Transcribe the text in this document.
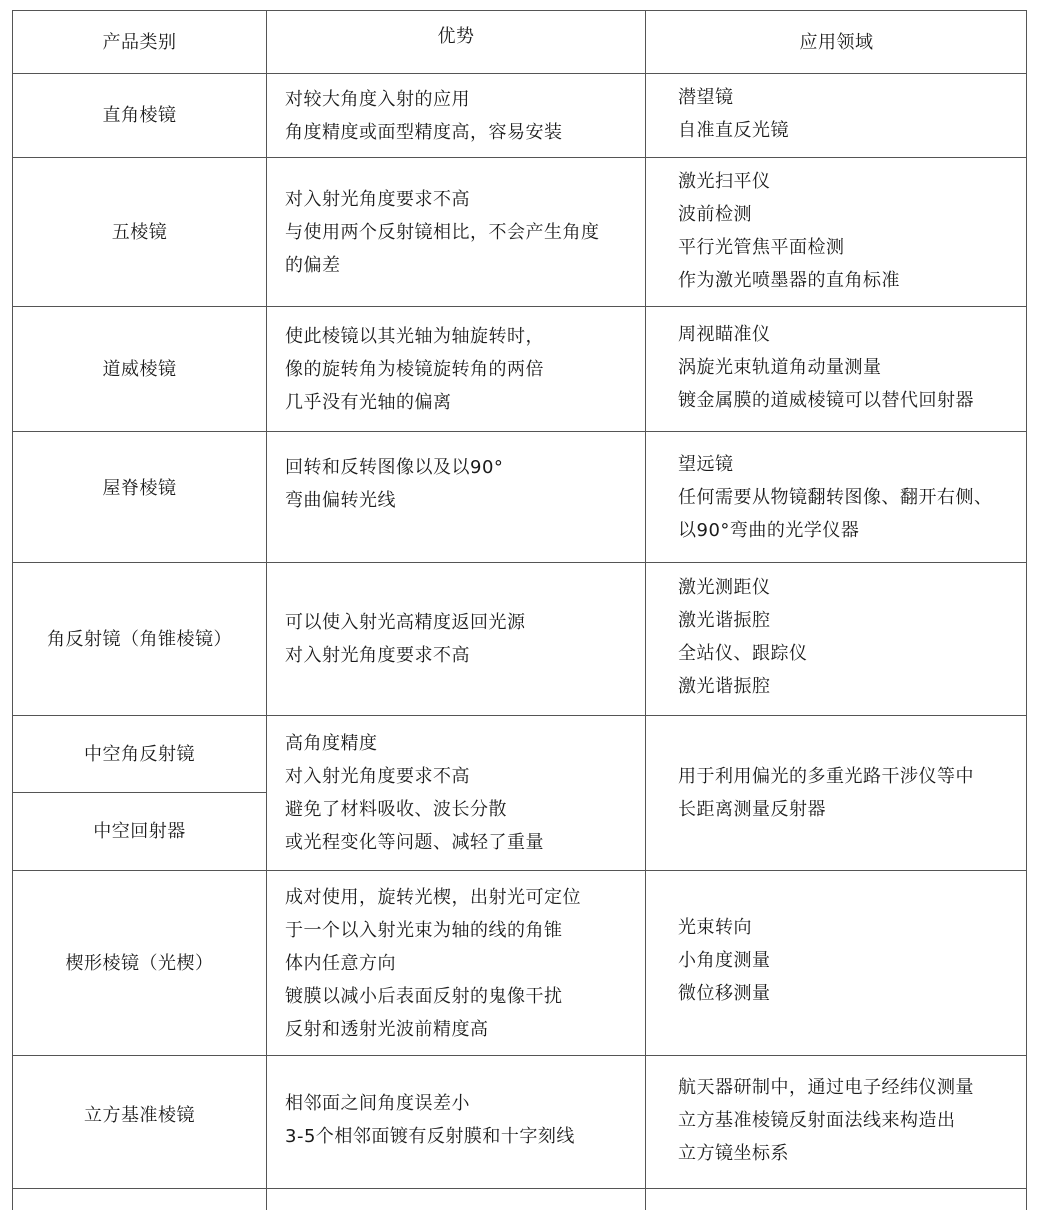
产品类别	优势	应用领域
直角棱镜
对较大角度入射的应用
角度精度或面型精度高，容易安装
潜望镜
自准直反光镜
五棱镜
对入射光角度要求不高
与使用两个反射镜相比，不会产生角度
的偏差
激光扫平仪
波前检测
平行光管焦平面检测
作为激光喷墨器的直角标准
道威棱镜
使此棱镜以其光轴为轴旋转时，
像的旋转角为棱镜旋转角的两倍
几乎没有光轴的偏离
周视瞄准仪
涡旋光束轨道角动量测量
镀金属膜的道威棱镜可以替代回射器
屋脊棱镜
回转和反转图像以及以90°
弯曲偏转光线
望远镜
任何需要从物镜翻转图像、翻开右侧、
以90°弯曲的光学仪器
角反射镜（角锥棱镜）
可以使入射光高精度返回光源
对入射光角度要求不高
激光测距仪
激光谐振腔
全站仪、跟踪仪
激光谐振腔
中空角反射镜
中空回射器
高角度精度
对入射光角度要求不高
避免了材料吸收、波长分散
或光程变化等问题、减轻了重量
用于利用偏光的多重光路干涉仪等中
长距离测量反射器
楔形棱镜（光楔）
成对使用，旋转光楔，出射光可定位
于一个以入射光束为轴的线的角锥
体内任意方向
镀膜以减小后表面反射的鬼像干扰
反射和透射光波前精度高
光束转向
小角度测量
微位移测量
立方基准棱镜
相邻面之间角度误差小
3-5个相邻面镀有反射膜和十字刻线
航天器研制中，通过电子经纬仪测量
立方基准棱镜反射面法线来构造出
立方镜坐标系
